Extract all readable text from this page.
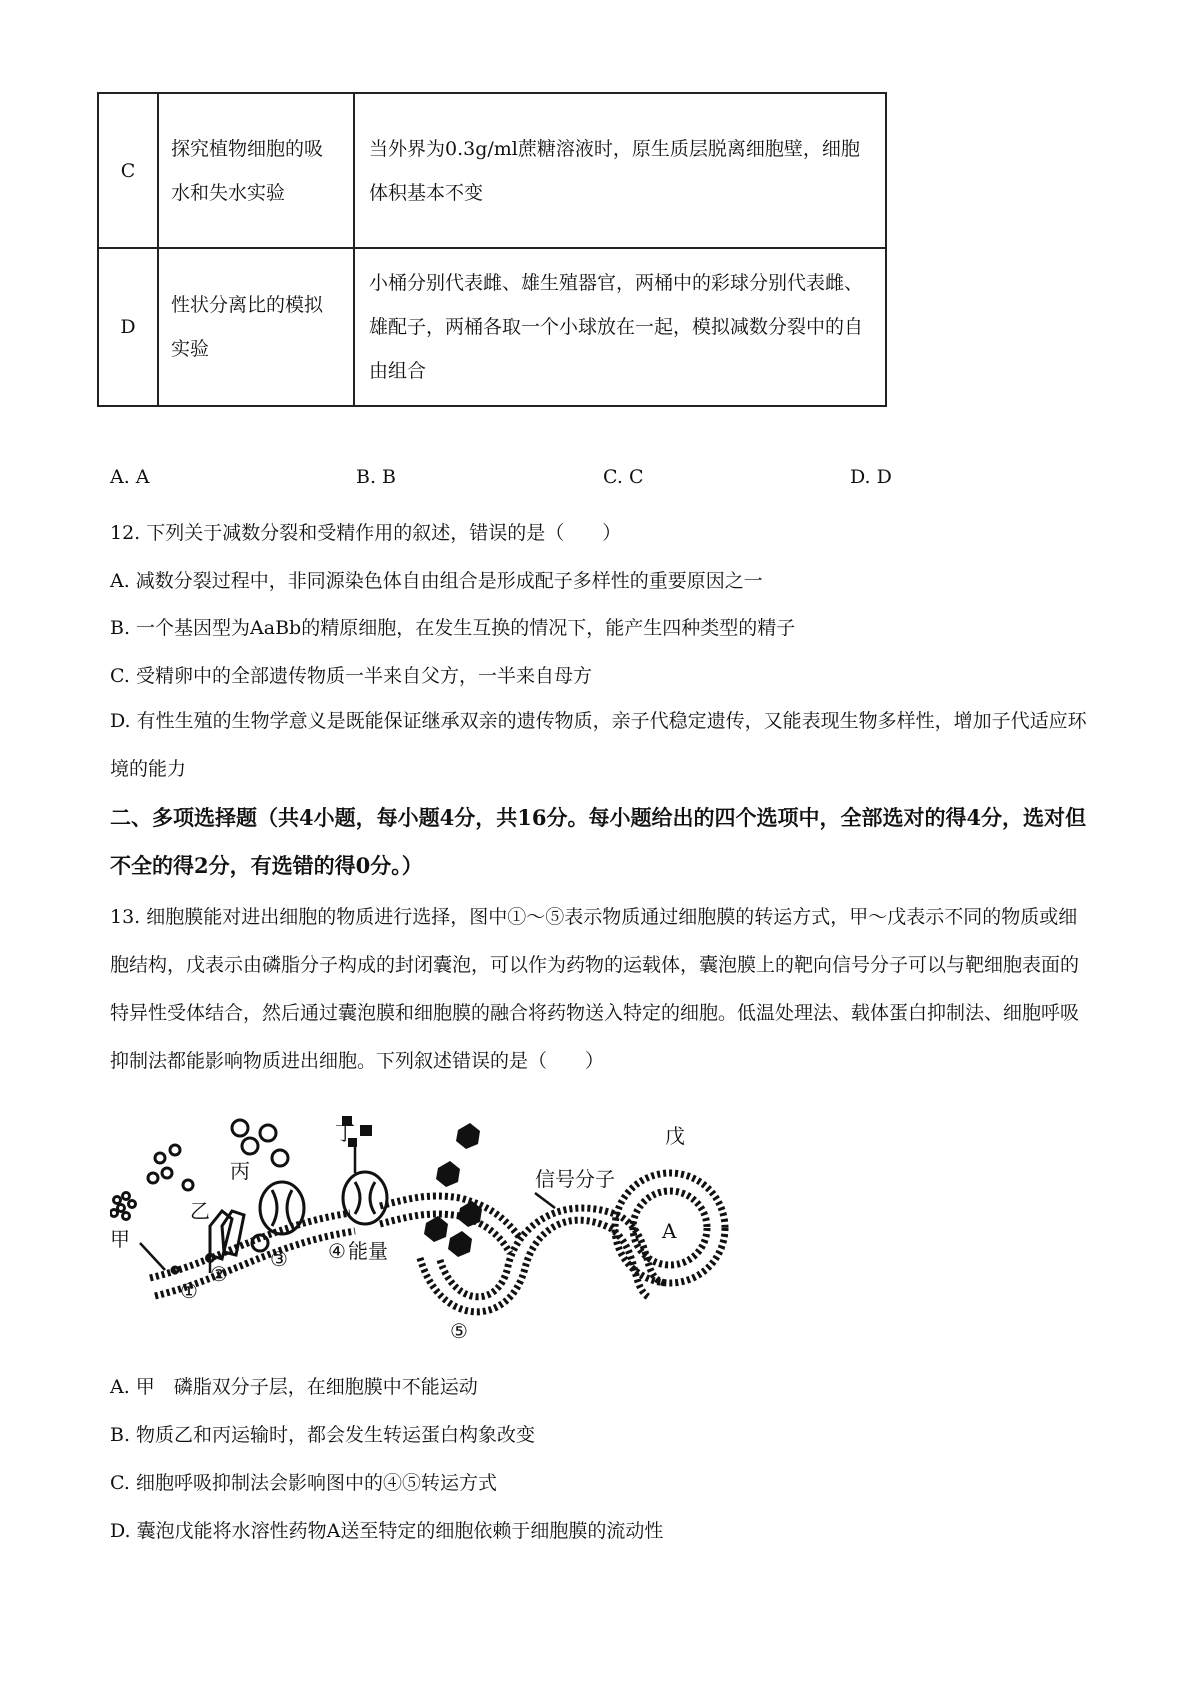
C	探究植物细胞的吸水和失水实验	当外界为0.3g/ml蔗糖溶液时，原生质层脱离细胞壁，细胞体积基本不变
D	性状分离比的模拟实验	小桶分别代表雌、雄生殖器官，两桶中的彩球分别代表雌、雄配子，两桶各取一个小球放在一起，模拟减数分裂中的自由组合
A. A	B. B	C. C	D. D
12. 下列关于减数分裂和受精作用的叙述，错误的是（　　）
A. 减数分裂过程中，非同源染色体自由组合是形成配子多样性的重要原因之一
B. 一个基因型为AaBb的精原细胞，在发生互换的情况下，能产生四种类型的精子
C. 受精卵中的全部遗传物质一半来自父方，一半来自母方
D. 有性生殖的生物学意义是既能保证继承双亲的遗传物质，亲子代稳定遗传，又能表现生物多样性，增加子代适应环境的能力
二、多项选择题（共4小题，每小题4分，共16分。每小题给出的四个选项中，全部选对的得4分，选对但不全的得2分，有选错的得0分。）
13. 细胞膜能对进出细胞的物质进行选择，图中①～⑤表示物质通过细胞膜的转运方式，甲～戊表示不同的物质或细胞结构，戊表示由磷脂分子构成的封闭囊泡，可以作为药物的运载体，囊泡膜上的靶向信号分子可以与靶细胞表面的特异性受体结合，然后通过囊泡膜和细胞膜的融合将药物送入特定的细胞。低温处理法、载体蛋白抑制法、细胞呼吸抑制法都能影响物质进出细胞。下列叙述错误的是（　　）
乙
甲
丙
丁	戊
信号分子
能量
A
①
②
③ ④
⑤
A. 甲　磷脂双分子层，在细胞膜中不能运动
B. 物质乙和丙运输时，都会发生转运蛋白构象改变
C. 细胞呼吸抑制法会影响图中的④⑤转运方式
D. 囊泡戊能将水溶性药物A送至特定的细胞依赖于细胞膜的流动性
